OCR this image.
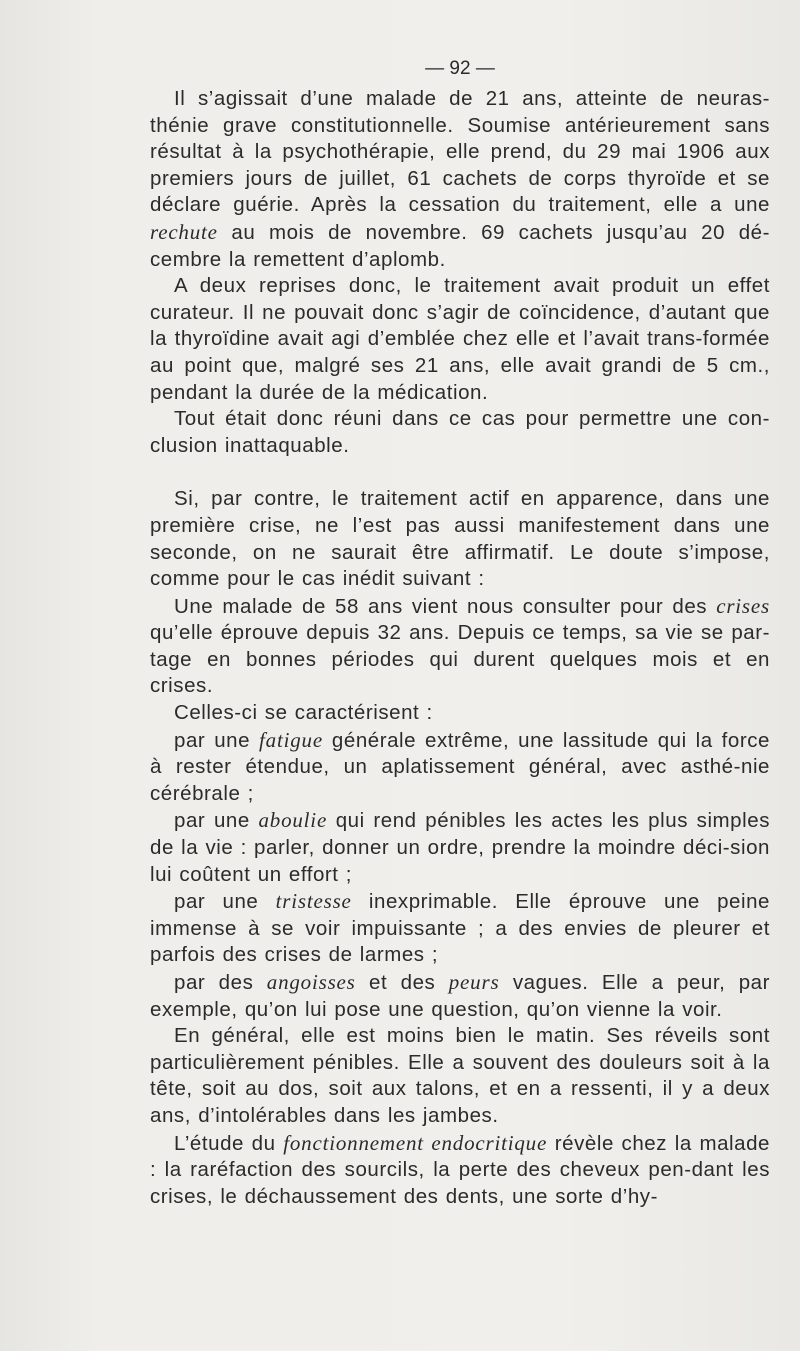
— 92 —

Il s’agissait d’une malade de 21 ans, atteinte de neuras-thénie grave constitutionnelle. Soumise antérieurement sans résultat à la psychothérapie, elle prend, du 29 mai 1906 aux premiers jours de juillet, 61 cachets de corps thyroïde et se déclare guérie. Après la cessation du traitement, elle a une rechute au mois de novembre. 69 cachets jusqu’au 20 dé-cembre la remettent d’aplomb.

A deux reprises donc, le traitement avait produit un effet curateur. Il ne pouvait donc s’agir de coïncidence, d’autant que la thyroïdine avait agi d’emblée chez elle et l’avait trans-formée au point que, malgré ses 21 ans, elle avait grandi de 5 cm., pendant la durée de la médication.

Tout était donc réuni dans ce cas pour permettre une con-clusion inattaquable.

Si, par contre, le traitement actif en apparence, dans une première crise, ne l’est pas aussi manifestement dans une seconde, on ne saurait être affirmatif. Le doute s’impose, comme pour le cas inédit suivant :

Une malade de 58 ans vient nous consulter pour des crises qu’elle éprouve depuis 32 ans. Depuis ce temps, sa vie se par-tage en bonnes périodes qui durent quelques mois et en crises.

Celles-ci se caractérisent :

par une fatigue générale extrême, une lassitude qui la force à rester étendue, un aplatissement général, avec asthé-nie cérébrale ;

par une aboulie qui rend pénibles les actes les plus simples de la vie : parler, donner un ordre, prendre la moindre déci-sion lui coûtent un effort ;

par une tristesse inexprimable. Elle éprouve une peine immense à se voir impuissante ; a des envies de pleurer et parfois des crises de larmes ;

par des angoisses et des peurs vagues. Elle a peur, par exemple, qu’on lui pose une question, qu’on vienne la voir.

En général, elle est moins bien le matin. Ses réveils sont particulièrement pénibles. Elle a souvent des douleurs soit à la tête, soit au dos, soit aux talons, et en a ressenti, il y a deux ans, d’intolérables dans les jambes.

L’étude du fonctionnement endocritique révèle chez la malade : la raréfaction des sourcils, la perte des cheveux pen-dant les crises, le déchaussement des dents, une sorte d’hy-
